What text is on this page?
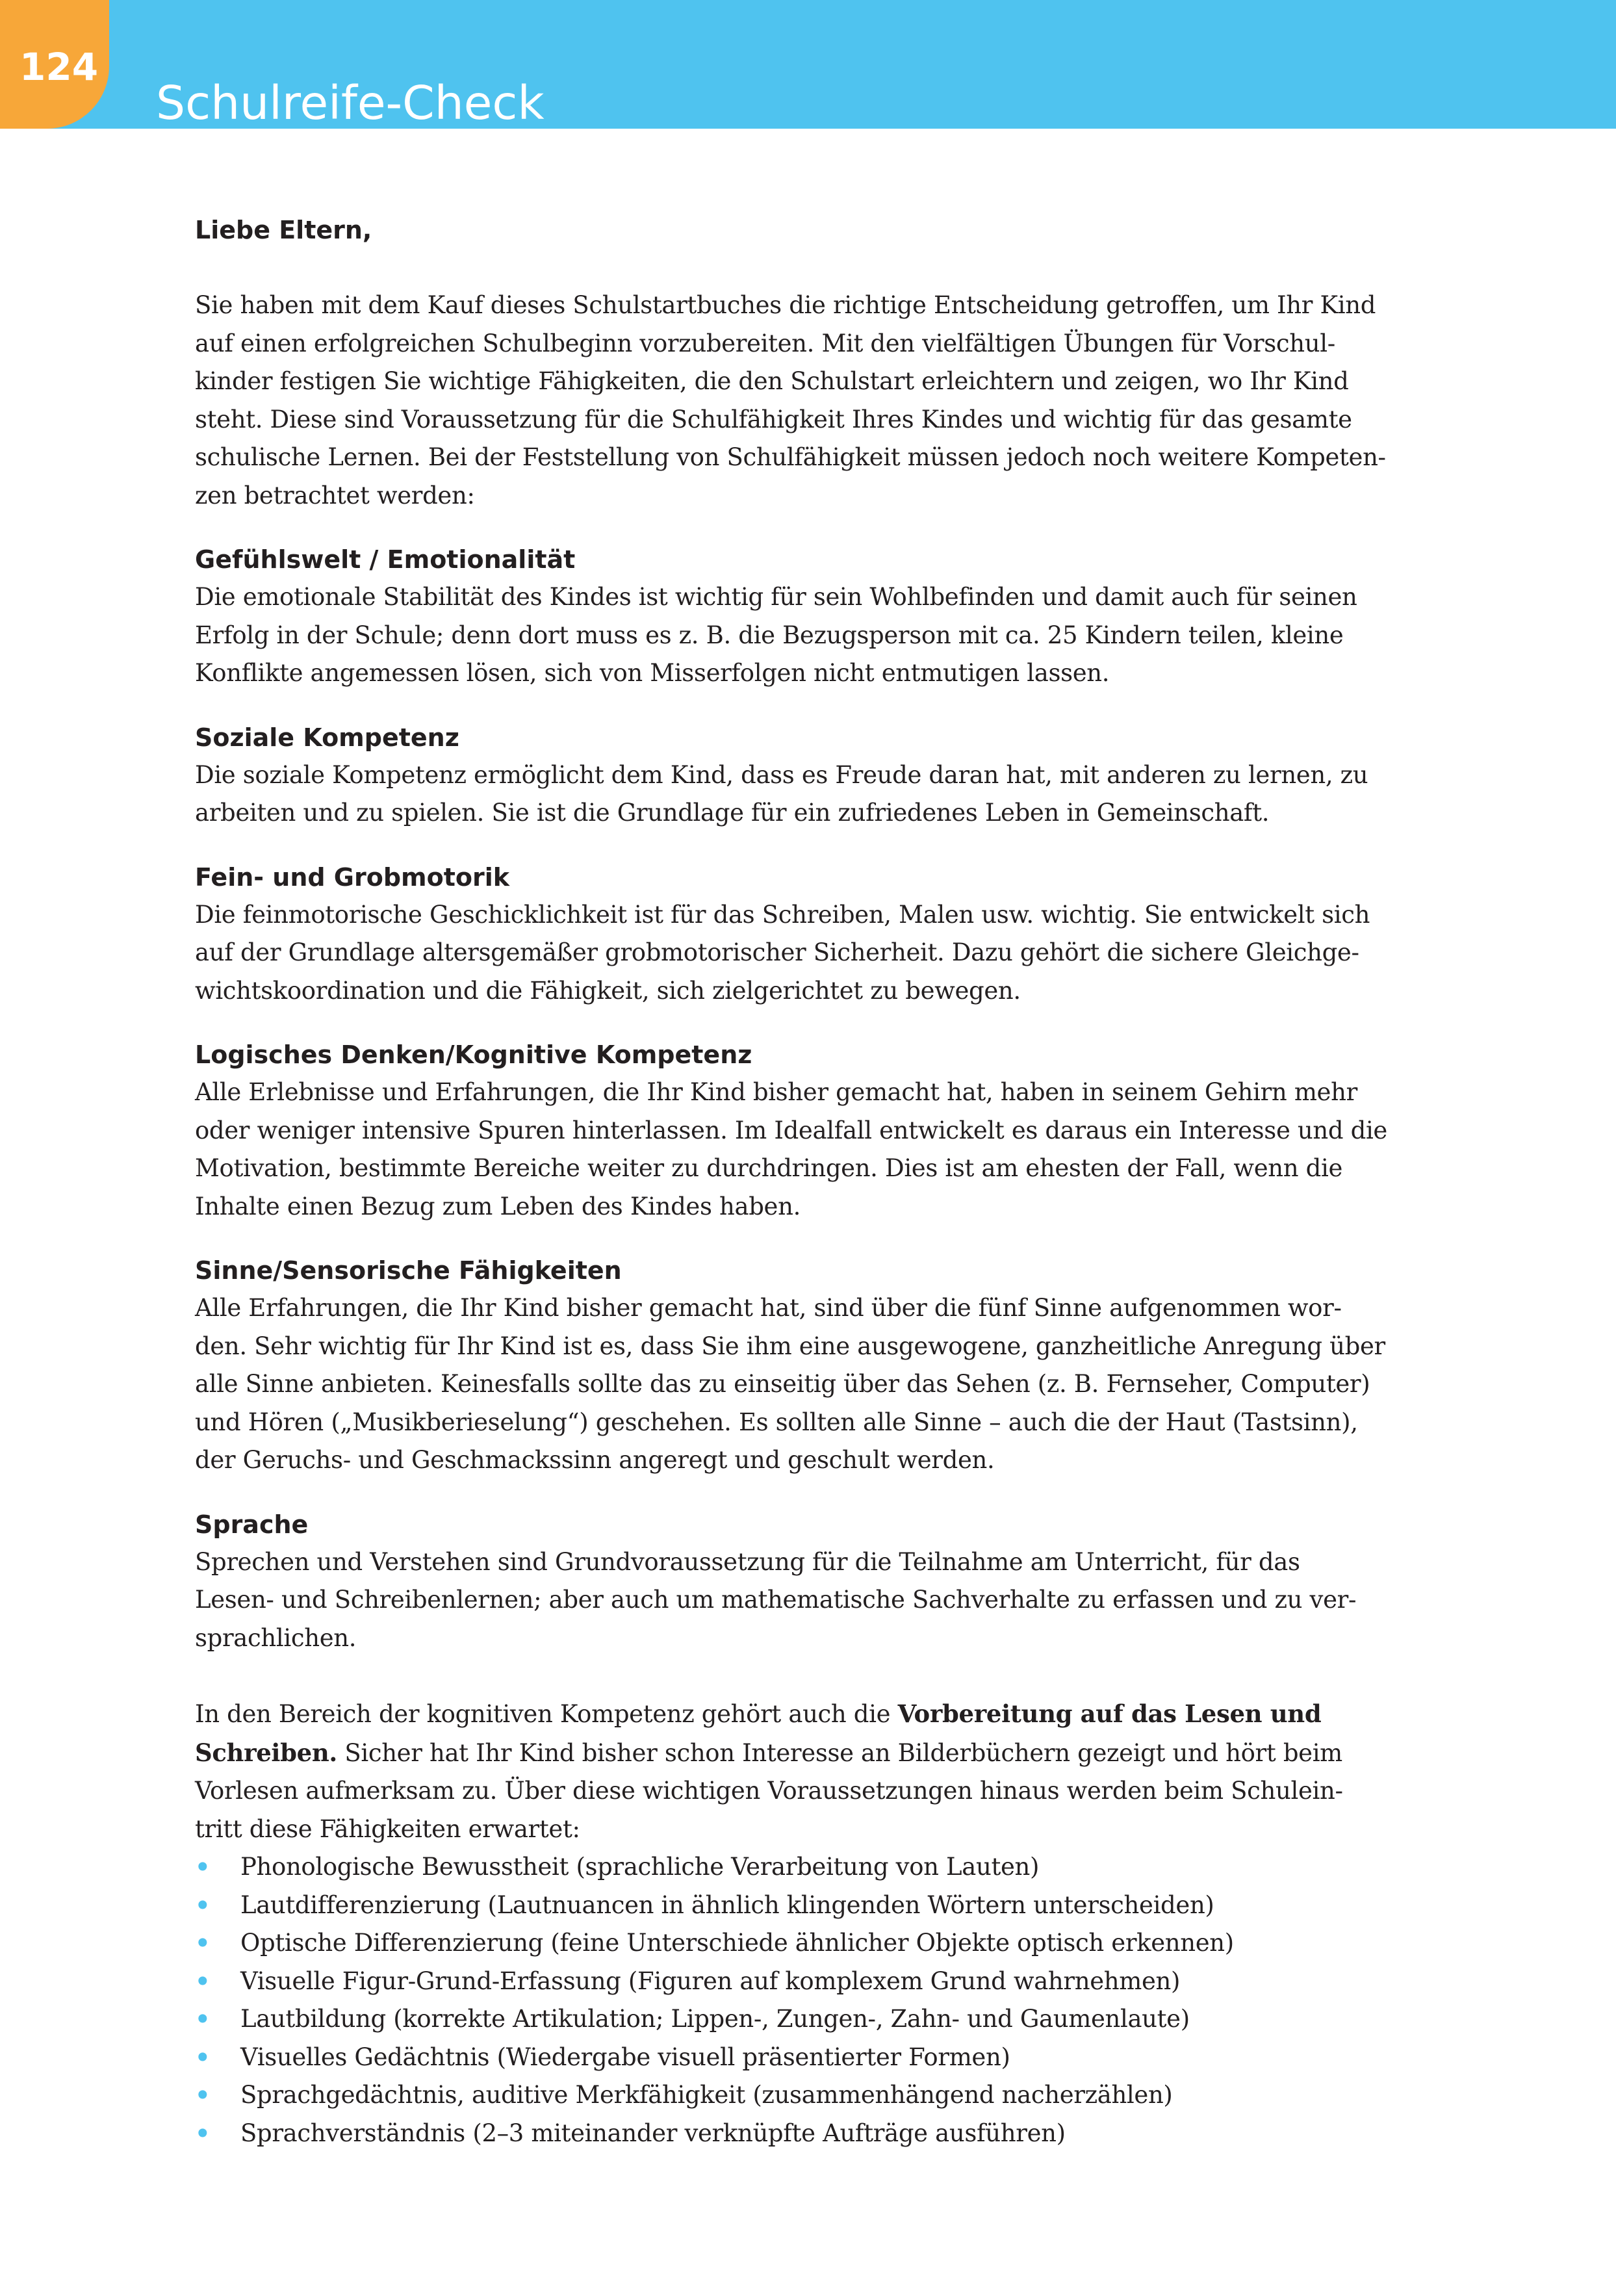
124
Schulreife-Check

Liebe Eltern,

Sie haben mit dem Kauf dieses Schulstartbuches die richtige Entscheidung getroffen, um Ihr Kind

auf einen erfolgreichen Schulbeginn vorzubereiten. Mit den vielfältigen Übungen für Vorschul-

kinder festigen Sie wichtige Fähigkeiten, die den Schulstart erleichtern und zeigen, wo Ihr Kind

steht. Diese sind Voraussetzung für die Schulfähigkeit Ihres Kindes und wichtig für das gesamte

schulische Lernen. Bei der Feststellung von Schulfähigkeit müssen jedoch noch weitere Kompeten-

zen betrachtet werden:

Gefühlswelt / Emotionalität

Die emotionale Stabilität des Kindes ist wichtig für sein Wohlbefinden und damit auch für seinen

Erfolg in der Schule; denn dort muss es z. B. die Bezugsperson mit ca. 25 Kindern teilen, kleine

Konflikte angemessen lösen, sich von Misserfolgen nicht entmutigen lassen.

Soziale Kompetenz

Die soziale Kompetenz ermöglicht dem Kind, dass es Freude daran hat, mit anderen zu lernen, zu

arbeiten und zu spielen. Sie ist die Grundlage für ein zufriedenes Leben in Gemeinschaft.

Fein- und Grobmotorik

Die feinmotorische Geschicklichkeit ist für das Schreiben, Malen usw. wichtig. Sie entwickelt sich

auf der Grundlage altersgemäßer grobmotorischer Sicherheit. Dazu gehört die sichere Gleichge-

wichtskoordination und die Fähigkeit, sich zielgerichtet zu bewegen.

Logisches Denken/Kognitive Kompetenz

Alle Erlebnisse und Erfahrungen, die Ihr Kind bisher gemacht hat, haben in seinem Gehirn mehr

oder weniger intensive Spuren hinterlassen. Im Idealfall entwickelt es daraus ein Interesse und die

Motivation, bestimmte Bereiche weiter zu durchdringen. Dies ist am ehesten der Fall, wenn die

Inhalte einen Bezug zum Leben des Kindes haben.

Sinne/Sensorische Fähigkeiten

Alle Erfahrungen, die Ihr Kind bisher gemacht hat, sind über die fünf Sinne aufgenommen wor-

den. Sehr wichtig für Ihr Kind ist es, dass Sie ihm eine ausgewogene, ganzheitliche Anregung über

alle Sinne anbieten. Keinesfalls sollte das zu einseitig über das Sehen (z. B. Fernseher, Computer)

und Hören („Musikberieselung“) geschehen. Es sollten alle Sinne – auch die der Haut (Tastsinn),

der Geruchs- und Geschmackssinn angeregt und geschult werden.

Sprache

Sprechen und Verstehen sind Grundvoraussetzung für die Teilnahme am Unterricht, für das

Lesen- und Schreibenlernen; aber auch um mathematische Sachverhalte zu erfassen und zu ver-

sprachlichen.

In den Bereich der kognitiven Kompetenz gehört auch die Vorbereitung auf das Lesen und

Schreiben. Sicher hat Ihr Kind bisher schon Interesse an Bilderbüchern gezeigt und hört beim

Vorlesen aufmerksam zu. Über diese wichtigen Voraussetzungen hinaus werden beim Schulein-

tritt diese Fähigkeiten erwartet:

• Phonologische Bewusstheit (sprachliche Verarbeitung von Lauten)
• Lautdifferenzierung (Lautnuancen in ähnlich klingenden Wörtern unterscheiden)
• Optische Differenzierung (feine Unterschiede ähnlicher Objekte optisch erkennen)
• Visuelle Figur-Grund-Erfassung (Figuren auf komplexem Grund wahrnehmen)
• Lautbildung (korrekte Artikulation; Lippen-, Zungen-, Zahn- und Gaumenlaute)
• Visuelles Gedächtnis (Wiedergabe visuell präsentierter Formen)
• Sprachgedächtnis, auditive Merkfähigkeit (zusammenhängend nacherzählen)
• Sprachverständnis (2–3 miteinander verknüpfte Aufträge ausführen)
